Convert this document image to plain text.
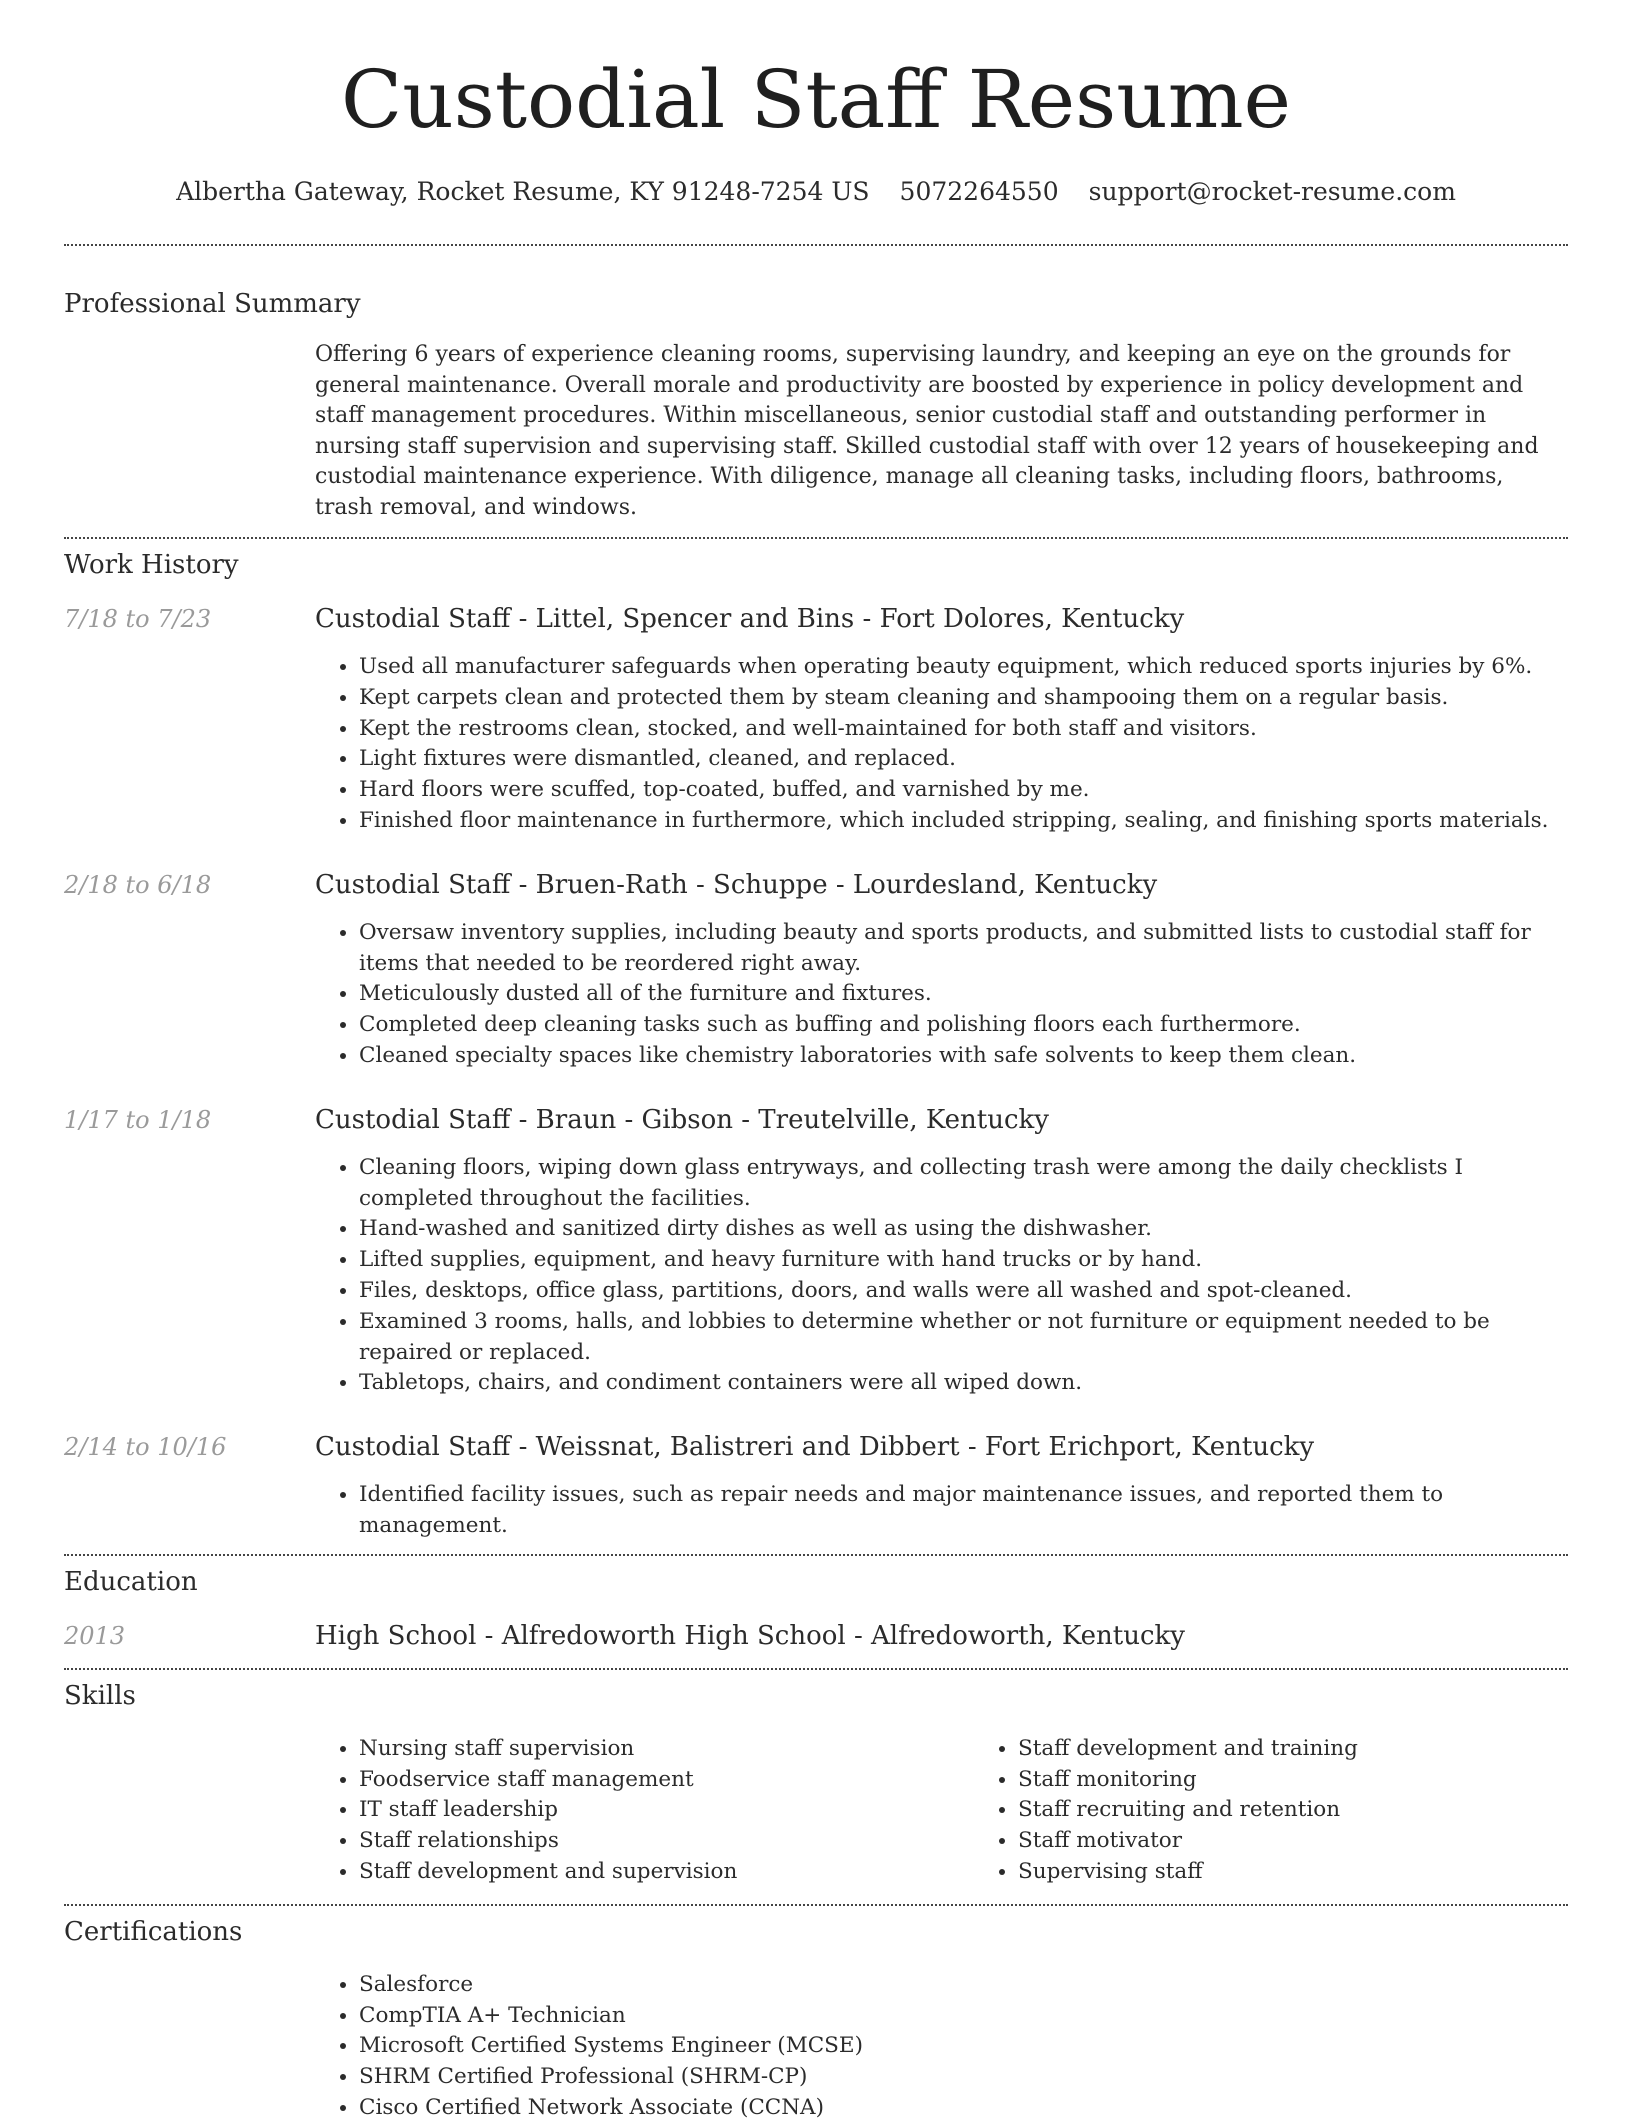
Custodial Staff Resume
Albertha Gateway, Rocket Resume, KY 91248-7254 US 5072264550 support@rocket-resume.com
Professional Summary
Offering 6 years of experience cleaning rooms, supervising laundry, and keeping an eye on the grounds for general maintenance. Overall morale and productivity are boosted by experience in policy development and staff management procedures. Within miscellaneous, senior custodial staff and outstanding performer in nursing staff supervision and supervising staff. Skilled custodial staff with over 12 years of housekeeping and custodial maintenance experience. With diligence, manage all cleaning tasks, including floors, bathrooms, trash removal, and windows.
Work History
7/18 to 7/23	Custodial Staff - Littel, Spencer and Bins - Fort Dolores, Kentucky
• Used all manufacturer safeguards when operating beauty equipment, which reduced sports injuries by 6%.
• Kept carpets clean and protected them by steam cleaning and shampooing them on a regular basis.
• Kept the restrooms clean, stocked, and well-maintained for both staff and visitors.
• Light fixtures were dismantled, cleaned, and replaced.
• Hard floors were scuffed, top-coated, buffed, and varnished by me.
• Finished floor maintenance in furthermore, which included stripping, sealing, and finishing sports materials.
2/18 to 6/18	Custodial Staff - Bruen-Rath - Schuppe - Lourdesland, Kentucky
• Oversaw inventory supplies, including beauty and sports products, and submitted lists to custodial staff for items that needed to be reordered right away.
• Meticulously dusted all of the furniture and fixtures.
• Completed deep cleaning tasks such as buffing and polishing floors each furthermore.
• Cleaned specialty spaces like chemistry laboratories with safe solvents to keep them clean.
1/17 to 1/18	Custodial Staff - Braun - Gibson - Treutelville, Kentucky
• Cleaning floors, wiping down glass entryways, and collecting trash were among the daily checklists I completed throughout the facilities.
• Hand-washed and sanitized dirty dishes as well as using the dishwasher.
• Lifted supplies, equipment, and heavy furniture with hand trucks or by hand.
• Files, desktops, office glass, partitions, doors, and walls were all washed and spot-cleaned.
• Examined 3 rooms, halls, and lobbies to determine whether or not furniture or equipment needed to be repaired or replaced.
• Tabletops, chairs, and condiment containers were all wiped down.
2/14 to 10/16	Custodial Staff - Weissnat, Balistreri and Dibbert - Fort Erichport, Kentucky
• Identified facility issues, such as repair needs and major maintenance issues, and reported them to management.
Education
2013	High School - Alfredoworth High School - Alfredoworth, Kentucky
Skills
• Nursing staff supervision
• Foodservice staff management
• IT staff leadership
• Staff relationships
• Staff development and supervision
• Staff development and training
• Staff monitoring
• Staff recruiting and retention
• Staff motivator
• Supervising staff
Certifications
• Salesforce
• CompTIA A+ Technician
• Microsoft Certified Systems Engineer (MCSE)
• SHRM Certified Professional (SHRM-CP)
• Cisco Certified Network Associate (CCNA)
